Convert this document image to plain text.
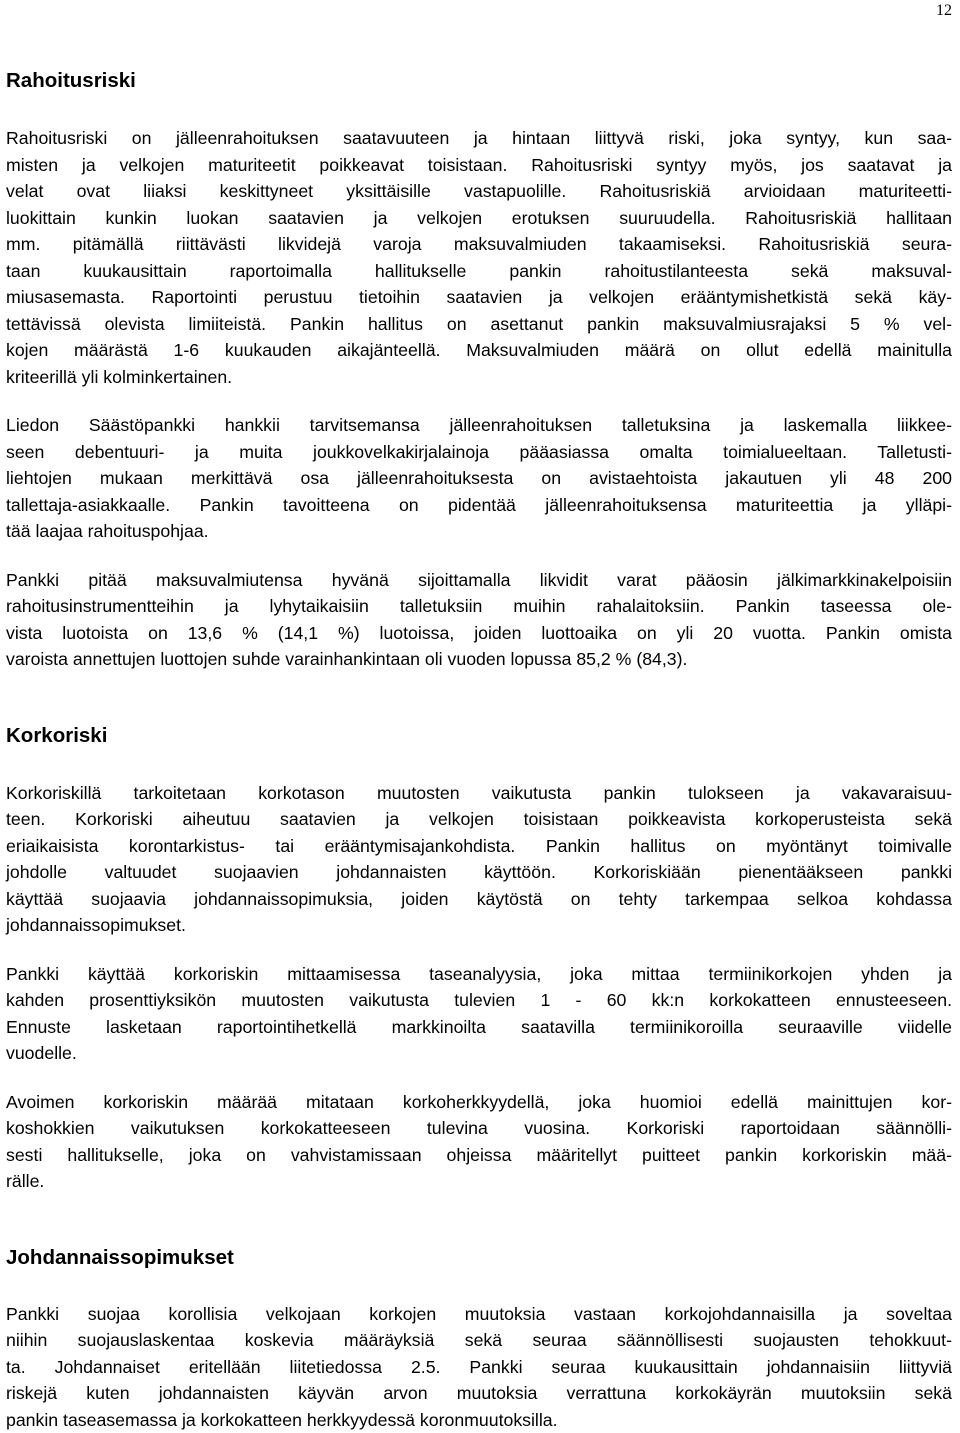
12
Rahoitusriski

Rahoitusriski on jälleenrahoituksen saatavuuteen ja hintaan liittyvä riski, joka syntyy, kun saa-
misten ja velkojen maturiteetit poikkeavat toisistaan. Rahoitusriski syntyy myös, jos saatavat ja
velat ovat liiaksi keskittyneet yksittäisille vastapuolille. Rahoitusriskiä arvioidaan maturiteetti-
luokittain kunkin luokan saatavien ja velkojen erotuksen suuruudella. Rahoitusriskiä hallitaan
mm. pitämällä riittävästi likvidejä varoja maksuvalmiuden takaamiseksi. Rahoitusriskiä seura-
taan kuukausittain raportoimalla hallitukselle pankin rahoitustilanteesta sekä maksuval-
miusasemasta. Raportointi perustuu tietoihin saatavien ja velkojen erääntymishetkistä sekä käy-
tettävissä olevista limiiteistä. Pankin hallitus on asettanut pankin maksuvalmiusrajaksi 5 % vel-
kojen määrästä 1-6 kuukauden aikajänteellä. Maksuvalmiuden määrä on ollut edellä mainitulla
kriteerillä yli kolminkertainen.

Liedon Säästöpankki hankkii tarvitsemansa jälleenrahoituksen talletuksina ja laskemalla liikkee-
seen debentuuri- ja muita joukkovelkakirjalainoja pääasiassa omalta toimialueeltaan. Talletusti-
liehtojen mukaan merkittävä osa jälleenrahoituksesta on avistaehtoista jakautuen yli 48 200
tallettaja-asiakkaalle. Pankin tavoitteena on pidentää jälleenrahoituksensa maturiteettia ja ylläpi-
tää laajaa rahoituspohjaa.

Pankki pitää maksuvalmiutensa hyvänä sijoittamalla likvidit varat pääosin jälkimarkkinakelpoisiin
rahoitusinstrumentteihin ja lyhytaikaisiin talletuksiin muihin rahalaitoksiin. Pankin taseessa ole-
vista luotoista on 13,6 % (14,1 %) luotoissa, joiden luottoaika on yli 20 vuotta. Pankin omista
varoista annettujen luottojen suhde varainhankintaan oli vuoden lopussa 85,2 % (84,3).

Korkoriski

Korkoriskillä tarkoitetaan korkotason muutosten vaikutusta pankin tulokseen ja vakavaraisuu-
teen. Korkoriski aiheutuu saatavien ja velkojen toisistaan poikkeavista korkoperusteista sekä
eriaikaisista korontarkistus- tai erääntymisajankohdista. Pankin hallitus on myöntänyt toimivalle
johdolle valtuudet suojaavien johdannaisten käyttöön. Korkoriskiään pienentääkseen pankki
käyttää suojaavia johdannaissopimuksia, joiden käytöstä on tehty tarkempaa selkoa kohdassa
johdannaissopimukset.

Pankki käyttää korkoriskin mittaamisessa taseanalyysia, joka mittaa termiinikorkojen yhden ja
kahden prosenttiyksikön muutosten vaikutusta tulevien 1 - 60 kk:n korkokatteen ennusteeseen.
Ennuste lasketaan raportointihetkellä markkinoilta saatavilla termiinikoroilla seuraaville viidelle
vuodelle.

Avoimen korkoriskin määrää mitataan korkoherkkyydellä, joka huomioi edellä mainittujen kor-
koshokkien vaikutuksen korkokatteeseen tulevina vuosina. Korkoriski raportoidaan säännölli-
sesti hallitukselle, joka on vahvistamissaan ohjeissa määritellyt puitteet pankin korkoriskin mää-
rälle.

Johdannaissopimukset

Pankki suojaa korollisia velkojaan korkojen muutoksia vastaan korkojohdannaisilla ja soveltaa
niihin suojauslaskentaa koskevia määräyksiä sekä seuraa säännöllisesti suojausten tehokkuut-
ta. Johdannaiset eritellään liitetiedossa 2.5. Pankki seuraa kuukausittain johdannaisiin liittyviä
riskejä kuten johdannaisten käyvän arvon muutoksia verrattuna korkokäyrän muutoksiin sekä
pankin taseasemassa ja korkokatteen herkkyydessä koronmuutoksilla.
